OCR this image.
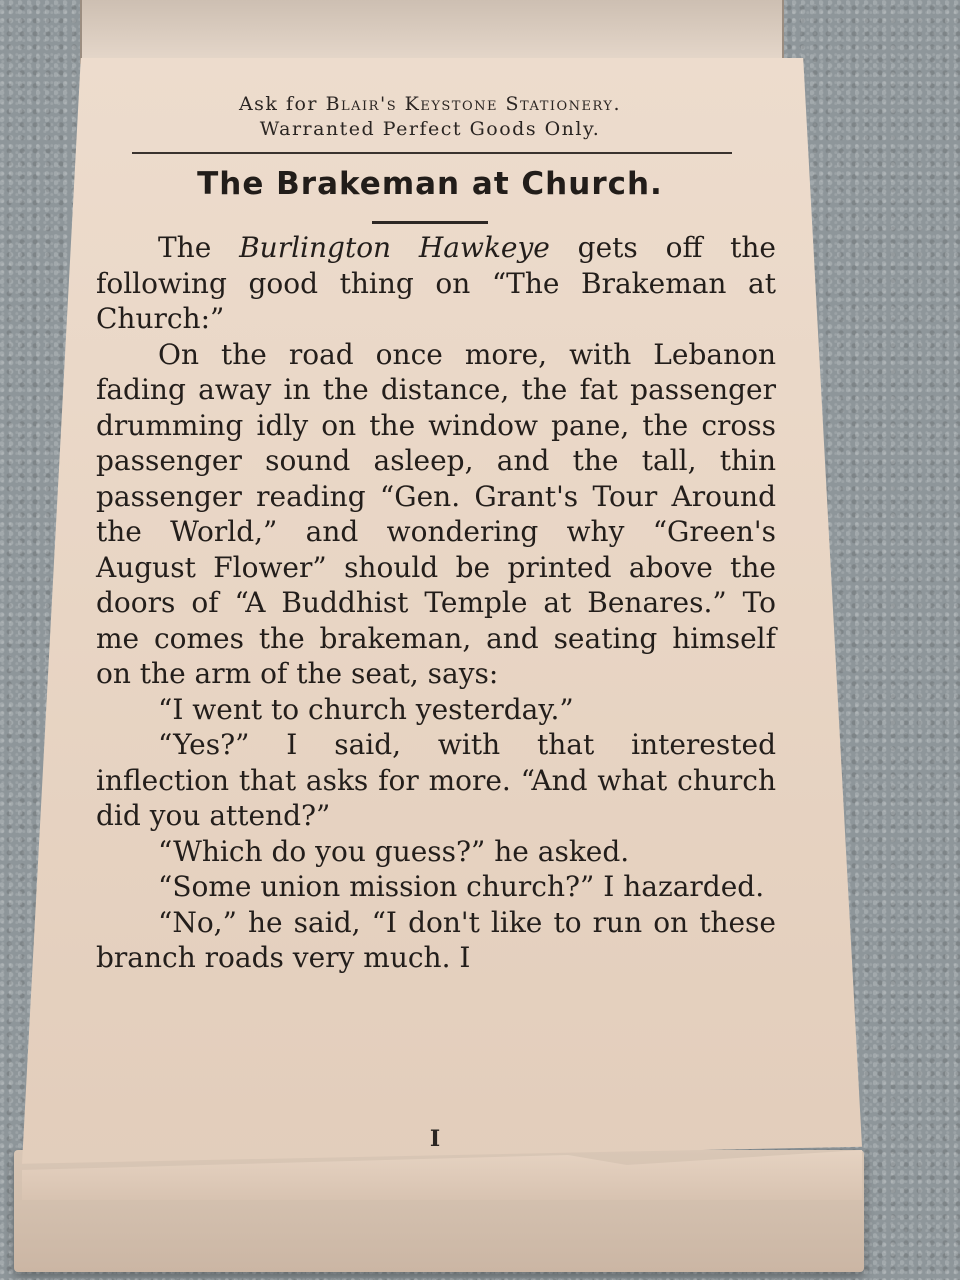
Ask for Blair's Keystone Stationery.
Warranted Perfect Goods Only.
The Brakeman at Church.

The Burlington Hawkeye gets off the following good thing on “The Brakeman at Church:”

On the road once more, with Lebanon fading away in the distance, the fat passenger drumming idly on the window pane, the cross passenger sound asleep, and the tall, thin passenger reading “Gen. Grant's Tour Around the World,” and wondering why “Green's August Flower” should be printed above the doors of “A Buddhist Temple at Benares.” To me comes the brakeman, and seating himself on the arm of the seat, says:

“I went to church yesterday.”

“Yes?” I said, with that interested inflection that asks for more. “And what church did you attend?”

“Which do you guess?” he asked.

“Some union mission church?” I hazarded.

“No,” he said, “I don't like to run on these branch roads very much. I

I
